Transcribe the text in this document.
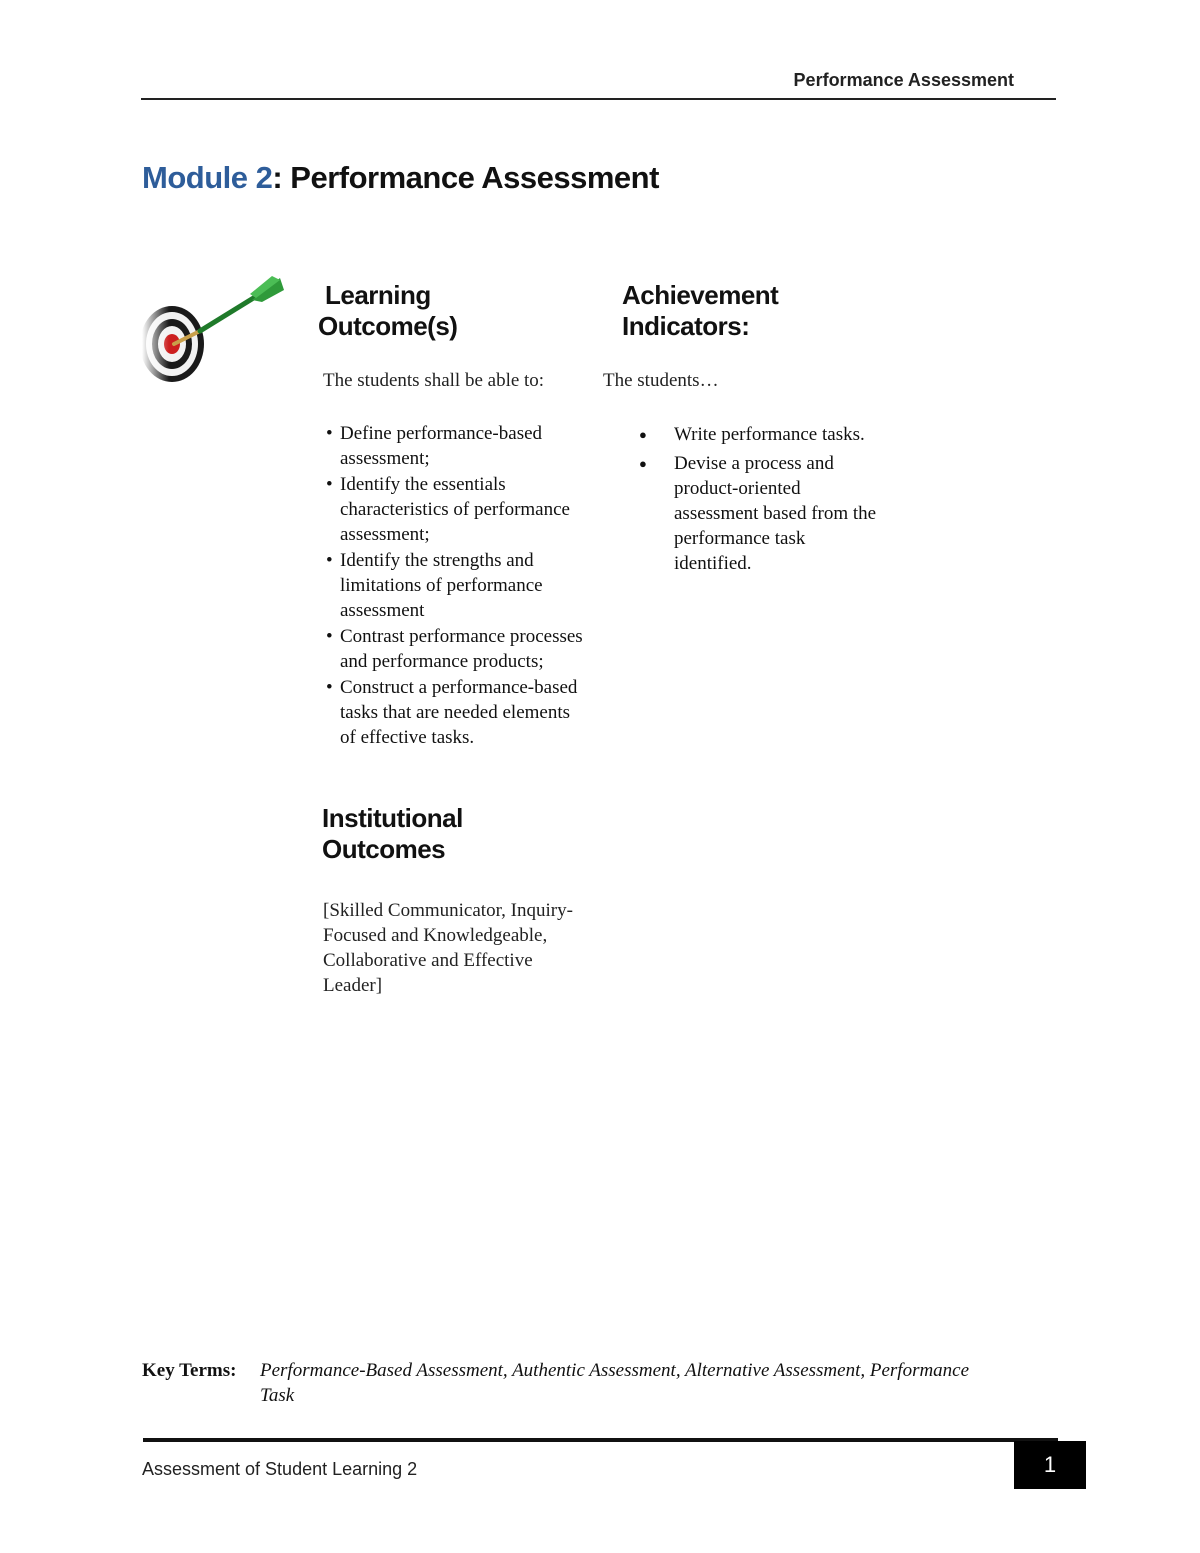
Performance Assessment
Module 2: Performance Assessment
Learning
Outcome(s)
The students shall be able to:
• Define performance-based assessment;
• Identify the essentials characteristics of performance assessment;
• Identify the strengths and limitations of performance assessment
• Contrast performance processes and performance products;
• Construct a performance-based tasks that are needed elements of effective tasks.
Achievement
Indicators:
The students…
● Write performance tasks.
● Devise a process and product-oriented assessment based from the performance task identified.
Institutional
Outcomes
[Skilled Communicator, Inquiry-Focused and Knowledgeable, Collaborative and Effective Leader]
Key Terms: Performance-Based Assessment, Authentic Assessment, Alternative Assessment, Performance Task
Assessment of Student Learning 2	1
